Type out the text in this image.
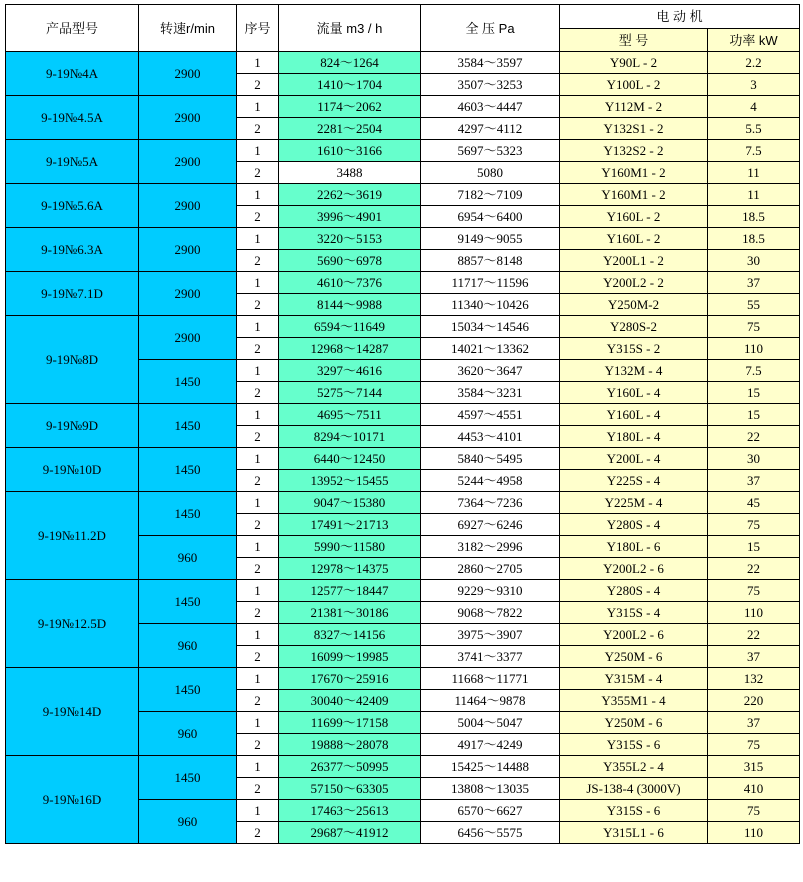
产品型号	转速r/min	序号	流量 m3 / h	全 压 Pa	电 动 机	
					型 号	功率 kW
9-19№4A	2900	1	824～1264	3584～3597	Y90L - 2	2.2
		2	1410～1704	3507～3253	Y100L - 2	3
9-19№4.5A	2900	1	1174～2062	4603～4447	Y112M - 2	4
		2	2281～2504	4297～4112	Y132S1 - 2	5.5
9-19№5A	2900	1	1610～3166	5697～5323	Y132S2 - 2	7.5
		2	3488	5080	Y160M1 - 2	11
9-19№5.6A	2900	1	2262～3619	7182～7109	Y160M1 - 2	11
		2	3996～4901	6954～6400	Y160L - 2	18.5
9-19№6.3A	2900	1	3220～5153	9149～9055	Y160L - 2	18.5
		2	5690～6978	8857～8148	Y200L1 - 2	30
9-19№7.1D	2900	1	4610～7376	11717～11596	Y200L2 - 2	37
		2	8144～9988	11340～10426	Y250M-2	55
9-19№8D	2900	1	6594～11649	15034～14546	Y280S-2	75
		2	12968～14287	14021～13362	Y315S - 2	110
	1450	1	3297～4616	3620～3647	Y132M - 4	7.5
		2	5275～7144	3584～3231	Y160L - 4	15
9-19№9D	1450	1	4695～7511	4597～4551	Y160L - 4	15
		2	8294～10171	4453～4101	Y180L - 4	22
9-19№10D	1450	1	6440～12450	5840～5495	Y200L - 4	30
		2	13952～15455	5244～4958	Y225S - 4	37
9-19№11.2D	1450	1	9047～15380	7364～7236	Y225M - 4	45
		2	17491～21713	6927～6246	Y280S - 4	75
	960	1	5990～11580	3182～2996	Y180L - 6	15
		2	12978～14375	2860～2705	Y200L2 - 6	22
9-19№12.5D	1450	1	12577～18447	9229～9310	Y280S - 4	75
		2	21381～30186	9068～7822	Y315S - 4	110
	960	1	8327～14156	3975～3907	Y200L2 - 6	22
		2	16099～19985	3741～3377	Y250M - 6	37
9-19№14D	1450	1	17670～25916	11668～11771	Y315M - 4	132
		2	30040～42409	11464～9878	Y355M1 - 4	220
	960	1	11699～17158	5004～5047	Y250M - 6	37
		2	19888～28078	4917～4249	Y315S - 6	75
9-19№16D	1450	1	26377～50995	15425～14488	Y355L2 - 4	315
		2	57150～63305	13808～13035	JS-138-4 (3000V)	410
	960	1	17463～25613	6570～6627	Y315S - 6	75
		2	29687～41912	6456～5575	Y315L1 - 6	110
